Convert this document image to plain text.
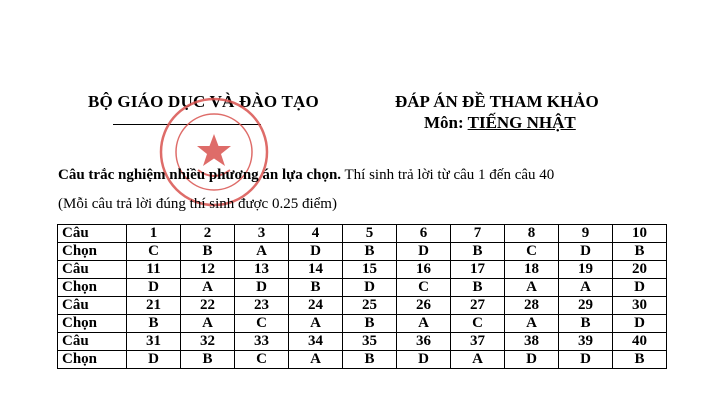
BỘ GIÁO DỤC VÀ ĐÀO TẠO	ĐÁP ÁN ĐỀ THAM KHẢO
Môn: TIẾNG NHẬT
Câu trắc nghiệm nhiều phương án lựa chọn. Thí sinh trả lời từ câu 1 đến câu 40
(Mỗi câu trả lời đúng thí sinh được 0.25 điểm)
Câu	1	2	3	4	5	6	7	8	9	10
Chọn	C	B	A	D	B	D	B	C	D	B
Câu	11	12	13	14	15	16	17	18	19	20
Chọn	D	A	D	B	D	C	B	A	A	D
Câu	21	22	23	24	25	26	27	28	29	30
Chọn	B	A	C	A	B	A	C	A	B	D
Câu	31	32	33	34	35	36	37	38	39	40
Chọn	D	B	C	A	B	D	A	D	D	B
